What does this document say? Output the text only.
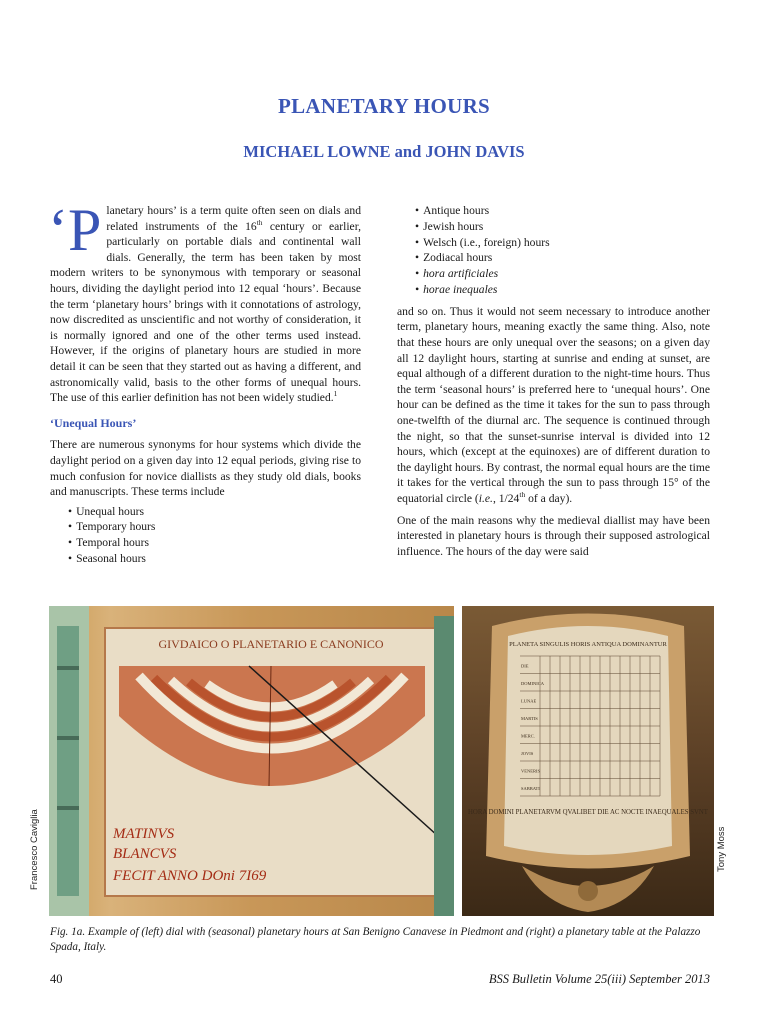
PLANETARY HOURS
MICHAEL LOWNE and JOHN DAVIS

‘Planetary hours’ is a term quite often seen on dials and related instruments of the 16th century or earlier, particularly on portable dials and continental wall dials. Generally, the term has been taken by most modern writers to be synonymous with temporary or seasonal hours, dividing the daylight period into 12 equal ‘hours’. Because the term ‘planetary hours’ brings with it connotations of astrology, now discredited as unscientific and not worthy of consideration, it is normally ignored and one of the other terms used instead. However, if the origins of planetary hours are studied in more detail it can be seen that they started out as having a different, and astronomically valid, basis to the other forms of unequal hours. The use of this earlier definition has not been widely studied.$^1$

‘Unequal Hours’

There are numerous synonyms for hour systems which divide the daylight period on a given day into 12 equal periods, giving rise to much confusion for novice diallists as they study old dials, books and manuscripts. These terms include

• Unequal hours
• Temporary hours
• Temporal hours
• Seasonal hours
• Antique hours
• Jewish hours
• Welsch (i.e., foreign) hours
• Zodiacal hours
• hora artificiales
• horae inequales

and so on. Thus it would not seem necessary to introduce another term, planetary hours, meaning exactly the same thing. Also, note that these hours are only unequal over the seasons; on a given day all 12 daylight hours, starting at sunrise and ending at sunset, are equal although of a different duration to the night-time hours. Thus the term ‘seasonal hours’ is preferred here to ‘unequal hours’. One hour can be defined as the time it takes for the sun to pass through one-twelfth of the diurnal arc. The sequence is continued through the night, so that the sunset-sunrise interval is divided into 12 hours, which (except at the equinoxes) are of different duration to the daylight hours. By contrast, the normal equal hours are the time it takes for the vertical through the sun to pass through 15° of the equatorial circle (i.e., 1/24th of a day).

One of the main reasons why the medieval diallist may have been interested in planetary hours is through their supposed astrological influence. The hours of the day were said

GIVDAICO O PLANETARIO E CANONICO
MATINVS
BLANCVS
FECIT ANNO DOni 7I69
PLANETA SINGULIS HORIS ANTIQUA DOMINANTUR
DIE
DOMINICA
LUNAE
MARTIS
MERC.
JOVIS
VENERIS
SABBATI
HORA DOMINI PLANETARVM QVALIBET DIE AC NOCTE INAEQUALES SVNT
Francesco Caviglia	Tony Moss
Fig. 1a. Example of (left) dial with (seasonal) planetary hours at San Benigno Canavese in Piedmont and (right) a planetary table at the Palazzo Spada, Italy.
40	BSS Bulletin Volume 25(iii) September 2013
